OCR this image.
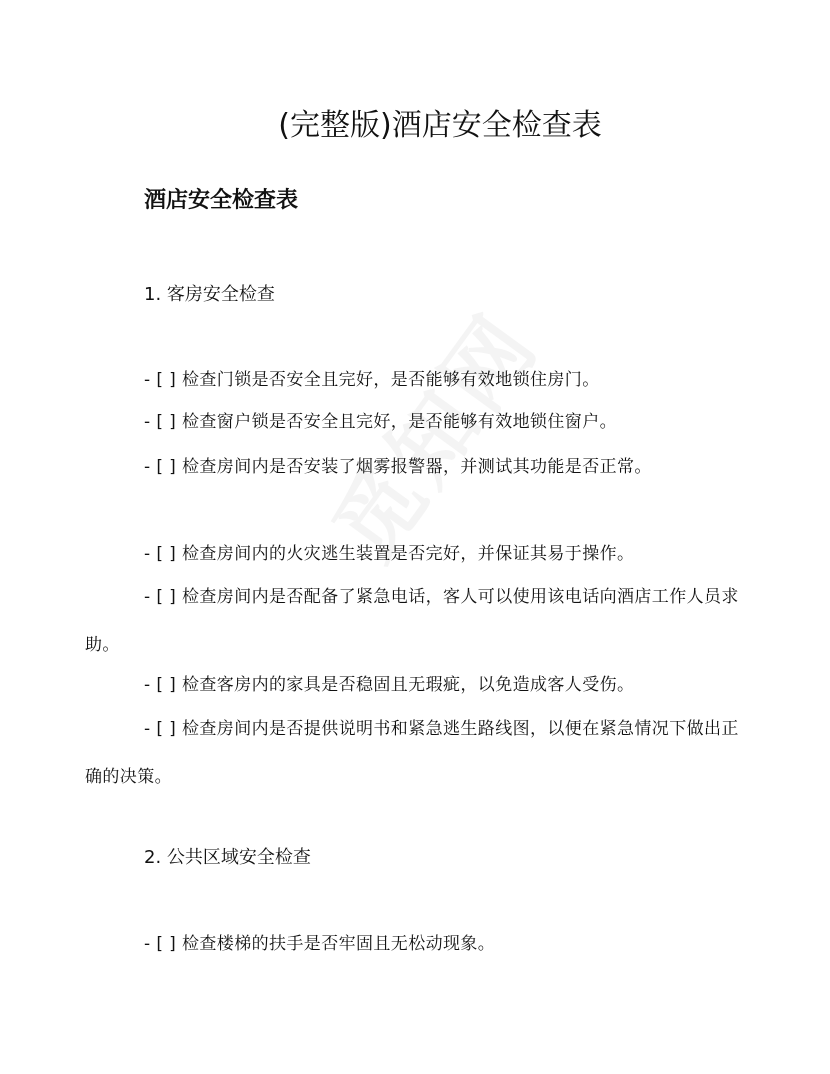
(完整版)酒店安全检查表
酒店安全检查表
1. 客房安全检查

- [ ] 检查门锁是否安全且完好，是否能够有效地锁住房门。

- [ ] 检查窗户锁是否安全且完好，是否能够有效地锁住窗户。

- [ ] 检查房间内是否安装了烟雾报警器，并测试其功能是否正常。

- [ ] 检查房间内的火灾逃生装置是否完好，并保证其易于操作。

- [ ] 检查房间内是否配备了紧急电话，客人可以使用该电话向酒店工作人员求助。

- [ ] 检查客房内的家具是否稳固且无瑕疵，以免造成客人受伤。

- [ ] 检查房间内是否提供说明书和紧急逃生路线图，以便在紧急情况下做出正确的决策。

2. 公共区域安全检查

- [ ] 检查楼梯的扶手是否牢固且无松动现象。
